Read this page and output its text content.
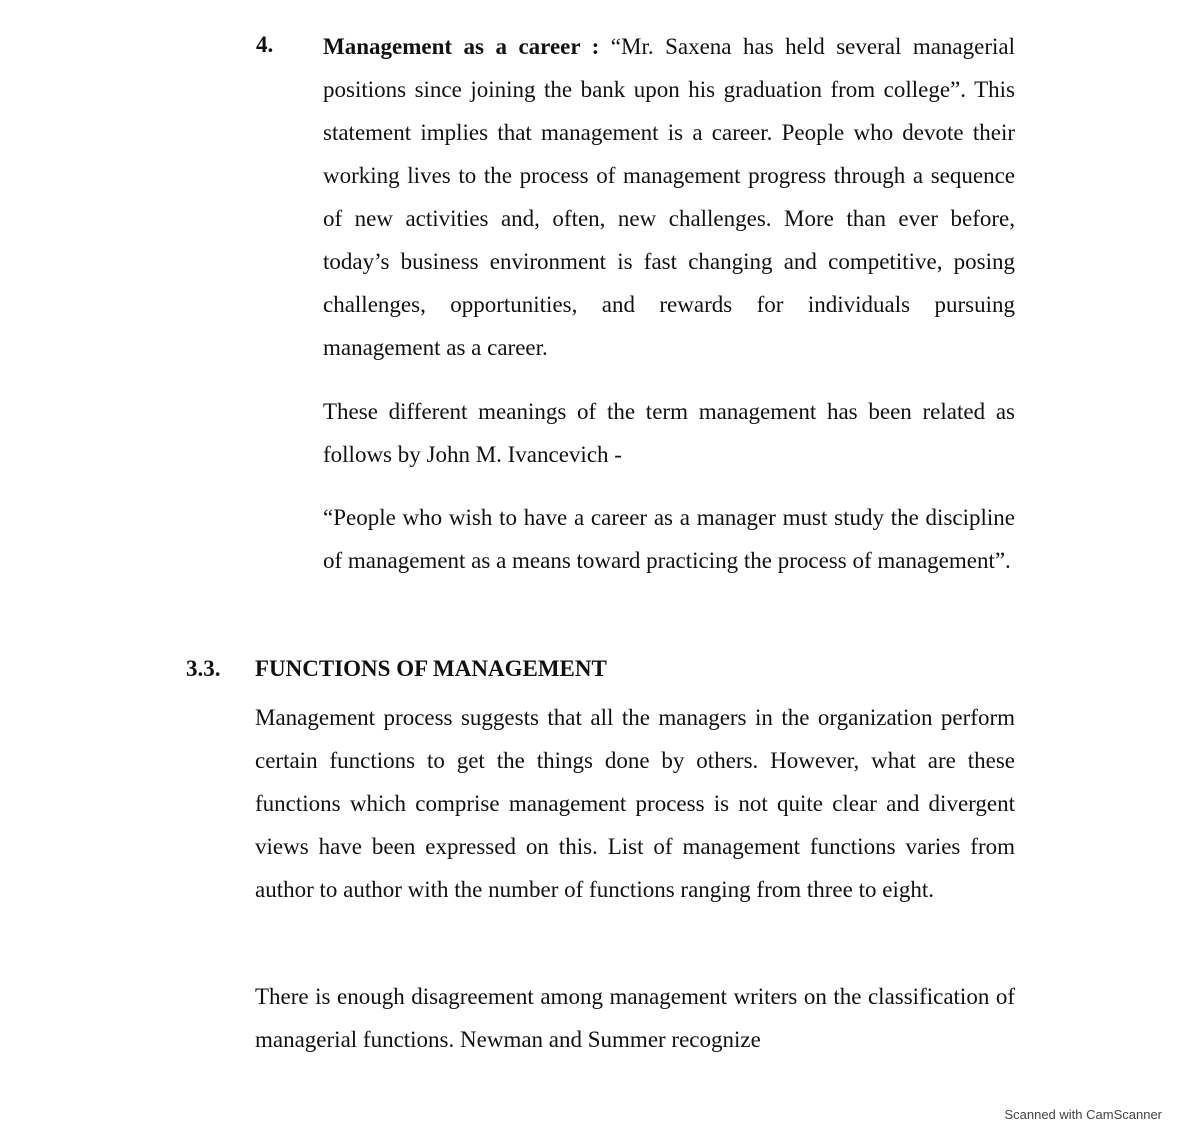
4. Management as a career : “Mr. Saxena has held several managerial positions since joining the bank upon his graduation from college”. This statement implies that management is a career. People who devote their working lives to the process of management progress through a sequence of new activities and, often, new challenges. More than ever before, today’s business environment is fast changing and competitive, posing challenges, opportunities, and rewards for individuals pursuing management as a career.

These different meanings of the term management has been related as follows by John M. Ivancevich -

“People who wish to have a career as a manager must study the discipline of management as a means toward practicing the process of management”.

3.3. FUNCTIONS OF MANAGEMENT

Management process suggests that all the managers in the organization perform certain functions to get the things done by others. However, what are these functions which comprise management process is not quite clear and divergent views have been expressed on this. List of management functions varies from author to author with the number of functions ranging from three to eight.

There is enough disagreement among management writers on the classification of managerial functions. Newman and Summer recognize

Scanned with CamScanner
